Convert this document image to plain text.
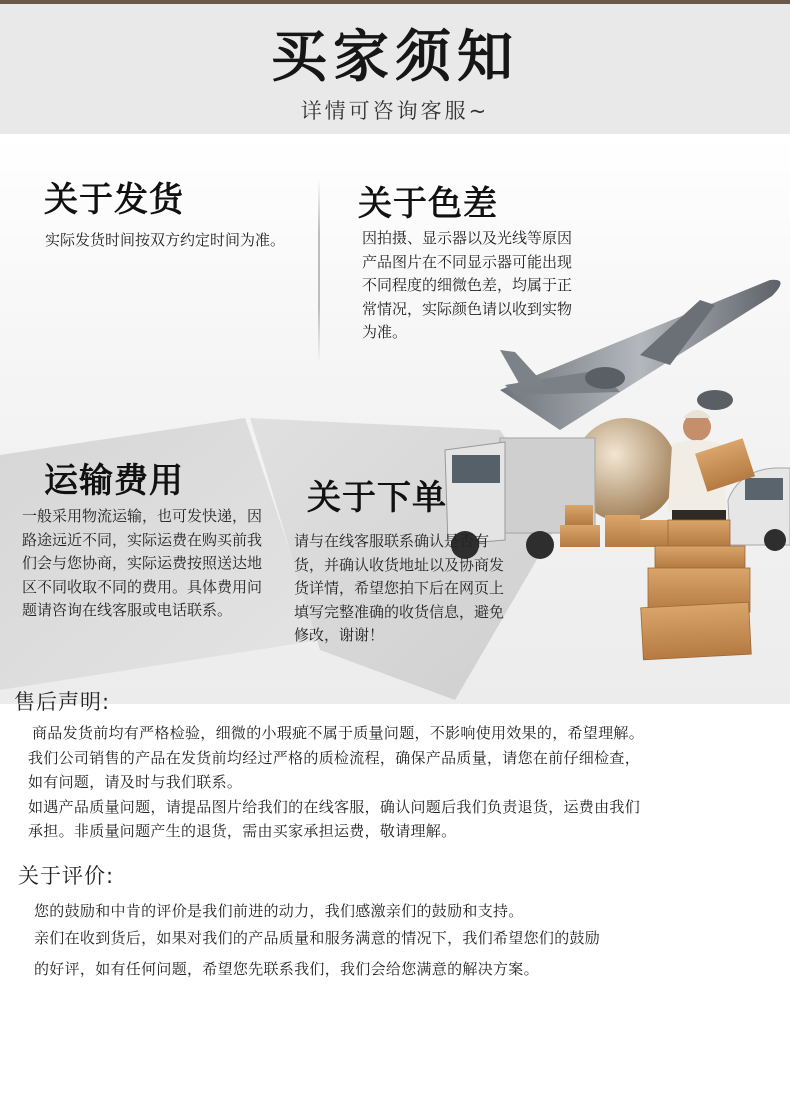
买家须知
详情可咨询客服~
关于发货
实际发货时间按双方约定时间为准。
关于色差
因拍摄、显示器以及光线等原因产品图片在不同显示器可能出现不同程度的细微色差，均属于正常情况，实际颜色请以收到实物为准。
运输费用
一般采用物流运输，也可发快递，因路途远近不同，实际运费在购买前我们会与您协商，实际运费按照送达地区不同收取不同的费用。具体费用问题请咨询在线客服或电话联系。
关于下单
请与在线客服联系确认是否有货，并确认收货地址以及协商发货详情，希望您拍下后在网页上填写完整准确的收货信息，避免修改，谢谢！
售后声明:

商品发货前均有严格检验，细微的小瑕疵不属于质量问题，不影响使用效果的，希望理解。

我们公司销售的产品在发货前均经过严格的质检流程，确保产品质量，请您在前仔细检查，

如有问题，请及时与我们联系。

如遇产品质量问题，请提品图片给我们的在线客服，确认问题后我们负责退货，运费由我们

承担。非质量问题产生的退货，需由买家承担运费，敬请理解。

关于评价:

您的鼓励和中肯的评价是我们前进的动力，我们感激亲们的鼓励和支持。

亲们在收到货后，如果对我们的产品质量和服务满意的情况下，我们希望您们的鼓励

的好评，如有任何问题，希望您先联系我们，我们会给您满意的解决方案。
